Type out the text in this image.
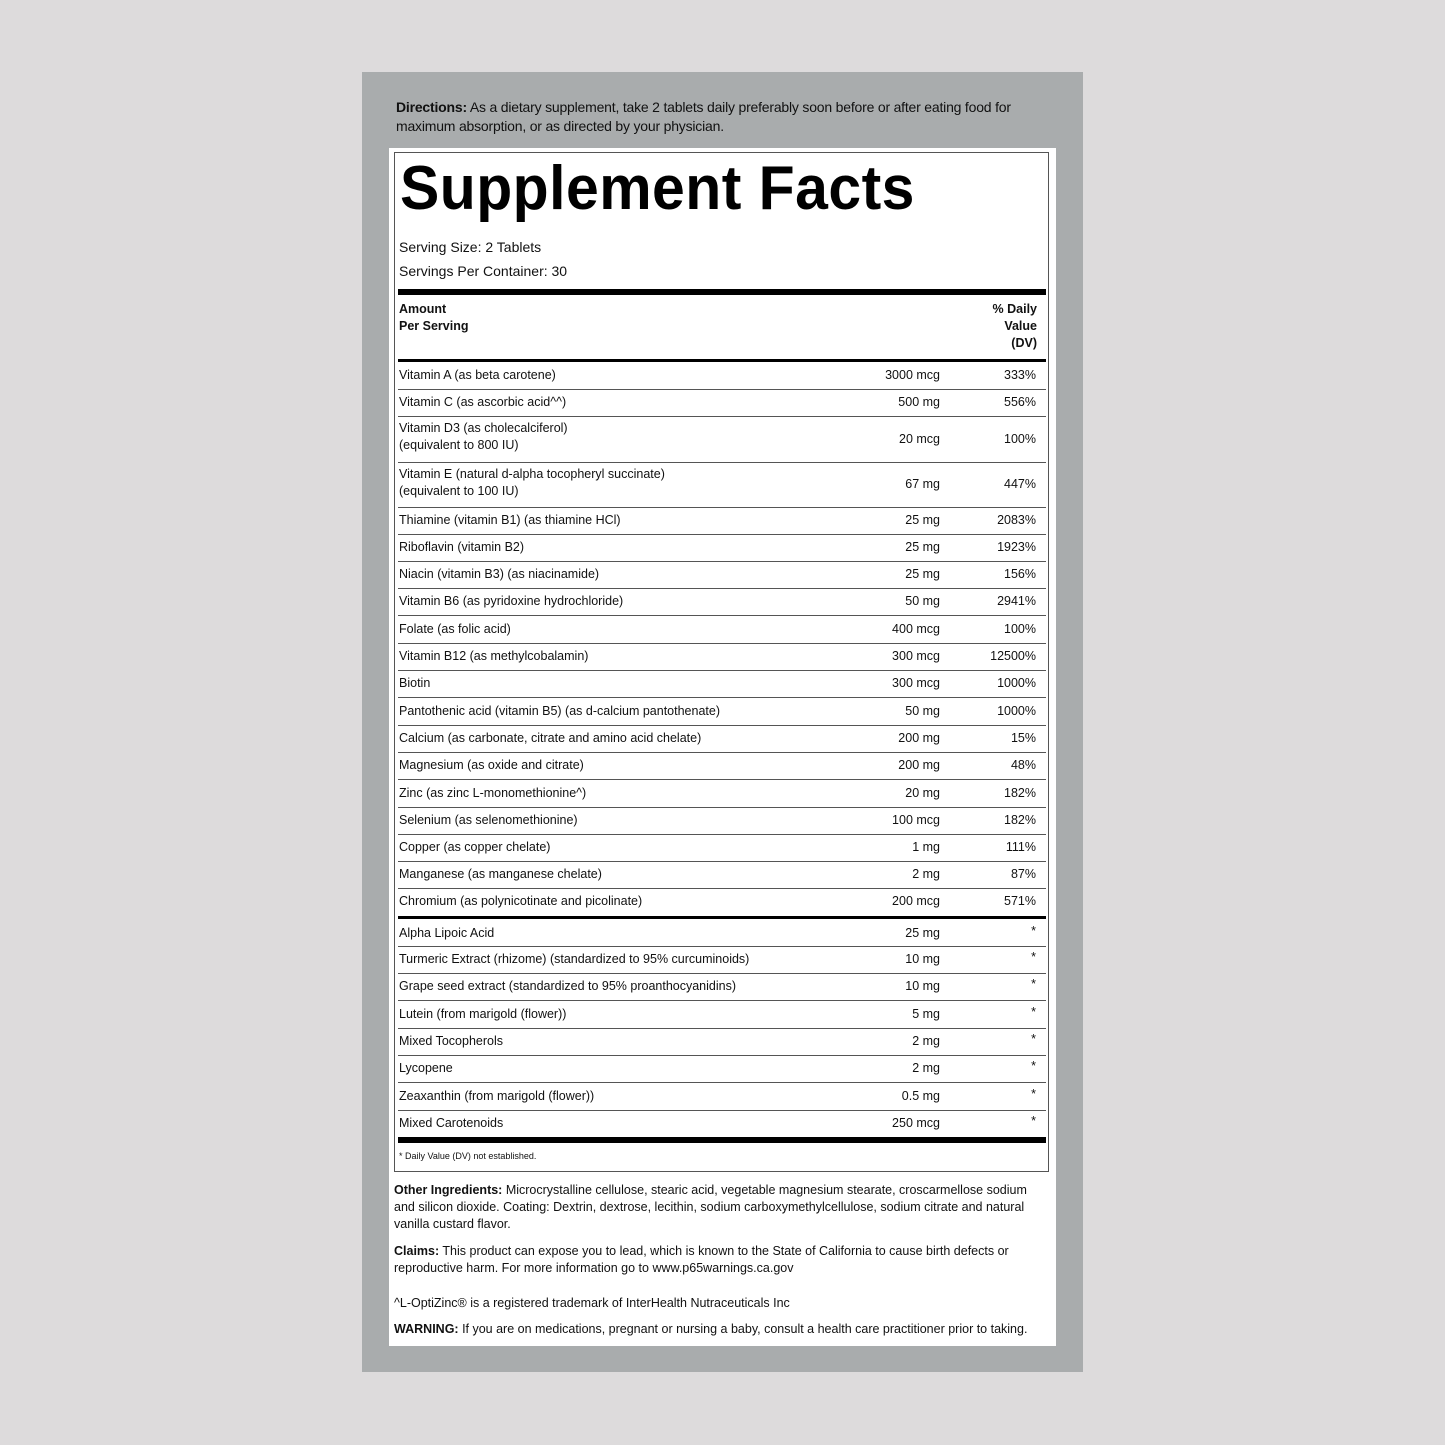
Directions: As a dietary supplement, take 2 tablets daily preferably soon before or after eating food for maximum absorption, or as directed by your physician.
Supplement Facts
Serving Size: 2 Tablets
Servings Per Container: 30
Amount
Per Serving
% Daily
Value
(DV)
Vitamin A (as beta carotene)	3000 mcg	333%
Vitamin C (as ascorbic acid^^)	500 mg	556%
Vitamin D3 (as cholecalciferol)
(equivalent to 800 IU)	20 mcg	100%
Vitamin E (natural d-alpha tocopheryl succinate)
(equivalent to 100 IU)	67 mg	447%
Thiamine (vitamin B1) (as thiamine HCl)	25 mg	2083%
Riboflavin (vitamin B2)	25 mg	1923%
Niacin (vitamin B3) (as niacinamide)	25 mg	156%
Vitamin B6 (as pyridoxine hydrochloride)	50 mg	2941%
Folate (as folic acid)	400 mcg	100%
Vitamin B12 (as methylcobalamin)	300 mcg	12500%
Biotin	300 mcg	1000%
Pantothenic acid (vitamin B5) (as d-calcium pantothenate)	50 mg	1000%
Calcium (as carbonate, citrate and amino acid chelate)	200 mg	15%
Magnesium (as oxide and citrate)	200 mg	48%
Zinc (as zinc L-monomethionine^)	20 mg	182%
Selenium (as selenomethionine)	100 mcg	182%
Copper (as copper chelate)	1 mg	111%
Manganese (as manganese chelate)	2 mg	87%
Chromium (as polynicotinate and picolinate)	200 mcg	571%
Alpha Lipoic Acid	25 mg	*
Turmeric Extract (rhizome) (standardized to 95% curcuminoids)	10 mg	*
Grape seed extract (standardized to 95% proanthocyanidins)	10 mg	*
Lutein (from marigold (flower))	5 mg	*
Mixed Tocopherols	2 mg	*
Lycopene	2 mg	*
Zeaxanthin (from marigold (flower))	0.5 mg	*
Mixed Carotenoids	250 mcg	*
* Daily Value (DV) not established.
Other Ingredients: Microcrystalline cellulose, stearic acid, vegetable magnesium stearate, croscarmellose sodium and silicon dioxide. Coating: Dextrin, dextrose, lecithin, sodium carboxymethylcellulose, sodium citrate and natural vanilla custard flavor.
Claims: This product can expose you to lead, which is known to the State of California to cause birth defects or reproductive harm. For more information go to www.p65warnings.ca.gov
^L-OptiZinc® is a registered trademark of InterHealth Nutraceuticals Inc
WARNING: If you are on medications, pregnant or nursing a baby, consult a health care practitioner prior to taking.
